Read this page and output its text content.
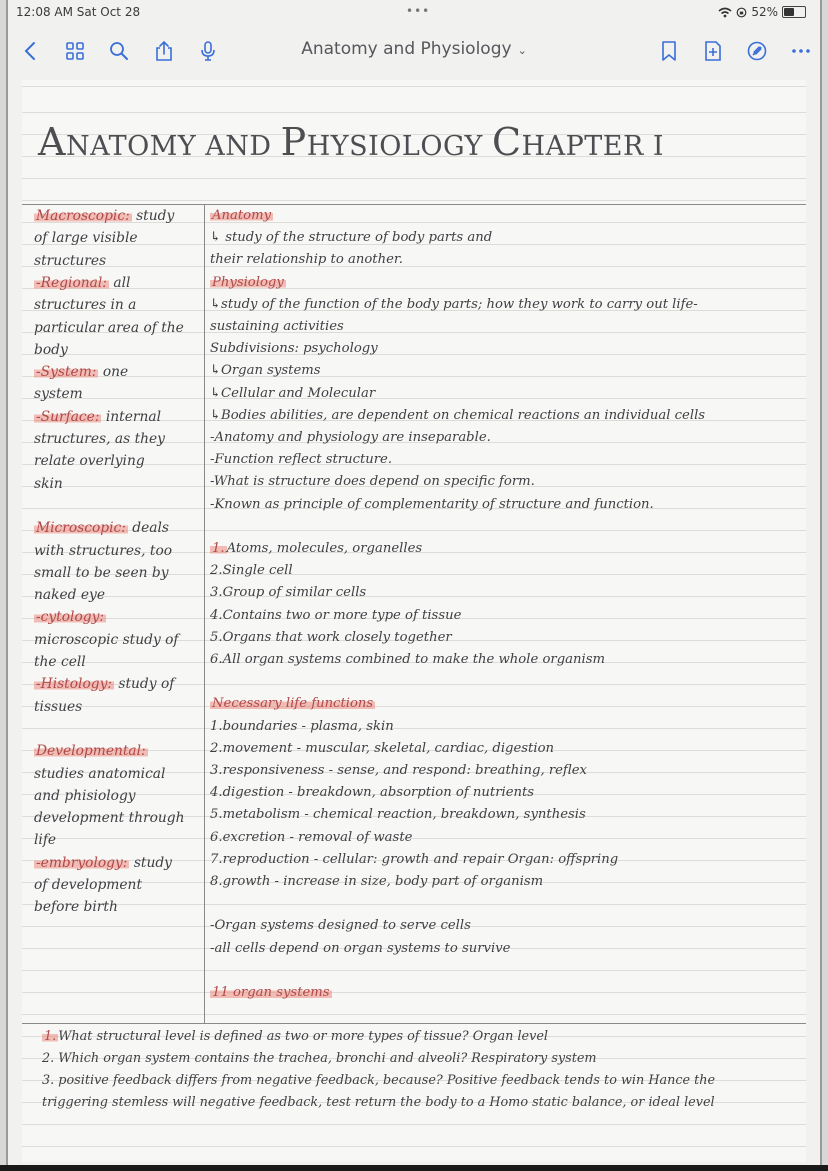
12:08 AM Sat Oct 28	•••	52%
Anatomy and Physiology ⌄
ANATOMY AND PHYSIOLOGY CHAPTER I
Macroscopic: study
of large visible
structures
-Regional: all
structures in a
particular area of the
body
-System: one
system
-Surface: internal
structures, as they
relate overlying
skin
Microscopic: deals
with structures, too
small to be seen by
naked eye
-cytology:
microscopic study of
the cell
-Histology: study of
tissues
Developmental:
studies anatomical
and phisiology
development through
life
-embryology: study
of development
before birth
Anatomy
↳ study of the structure of body parts and
their relationship to another.
Physiology
↳study of the function of the body parts; how they work to carry out life-
sustaining activities
Subdivisions: psychology
↳Organ systems
↳Cellular and Molecular
↳Bodies abilities, are dependent on chemical reactions an individual cells
-Anatomy and physiology are inseparable.
-Function reflect structure.
-What is structure does depend on specific form.
-Known as principle of complementarity of structure and function.
1. Atoms, molecules, organelles
2.Single cell
3.Group of similar cells
4.Contains two or more type of tissue
5.Organs that work closely together
6.All organ systems combined to make the whole organism
Necessary life functions
1.boundaries - plasma, skin
2.movement - muscular, skeletal, cardiac, digestion
3.responsiveness - sense, and respond: breathing, reflex
4.digestion - breakdown, absorption of nutrients
5.metabolism - chemical reaction, breakdown, synthesis
6.excretion - removal of waste
7.reproduction - cellular: growth and repair Organ: offspring
8.growth - increase in size, body part of organism
-Organ systems designed to serve cells
-all cells depend on organ systems to survive
11 organ systems
1. What structural level is defined as two or more types of tissue? Organ level
2. Which organ system contains the trachea, bronchi and alveoli? Respiratory system
3. positive feedback differs from negative feedback, because? Positive feedback tends to win Hance the
triggering stemless will negative feedback, test return the body to a Homo static balance, or ideal level
